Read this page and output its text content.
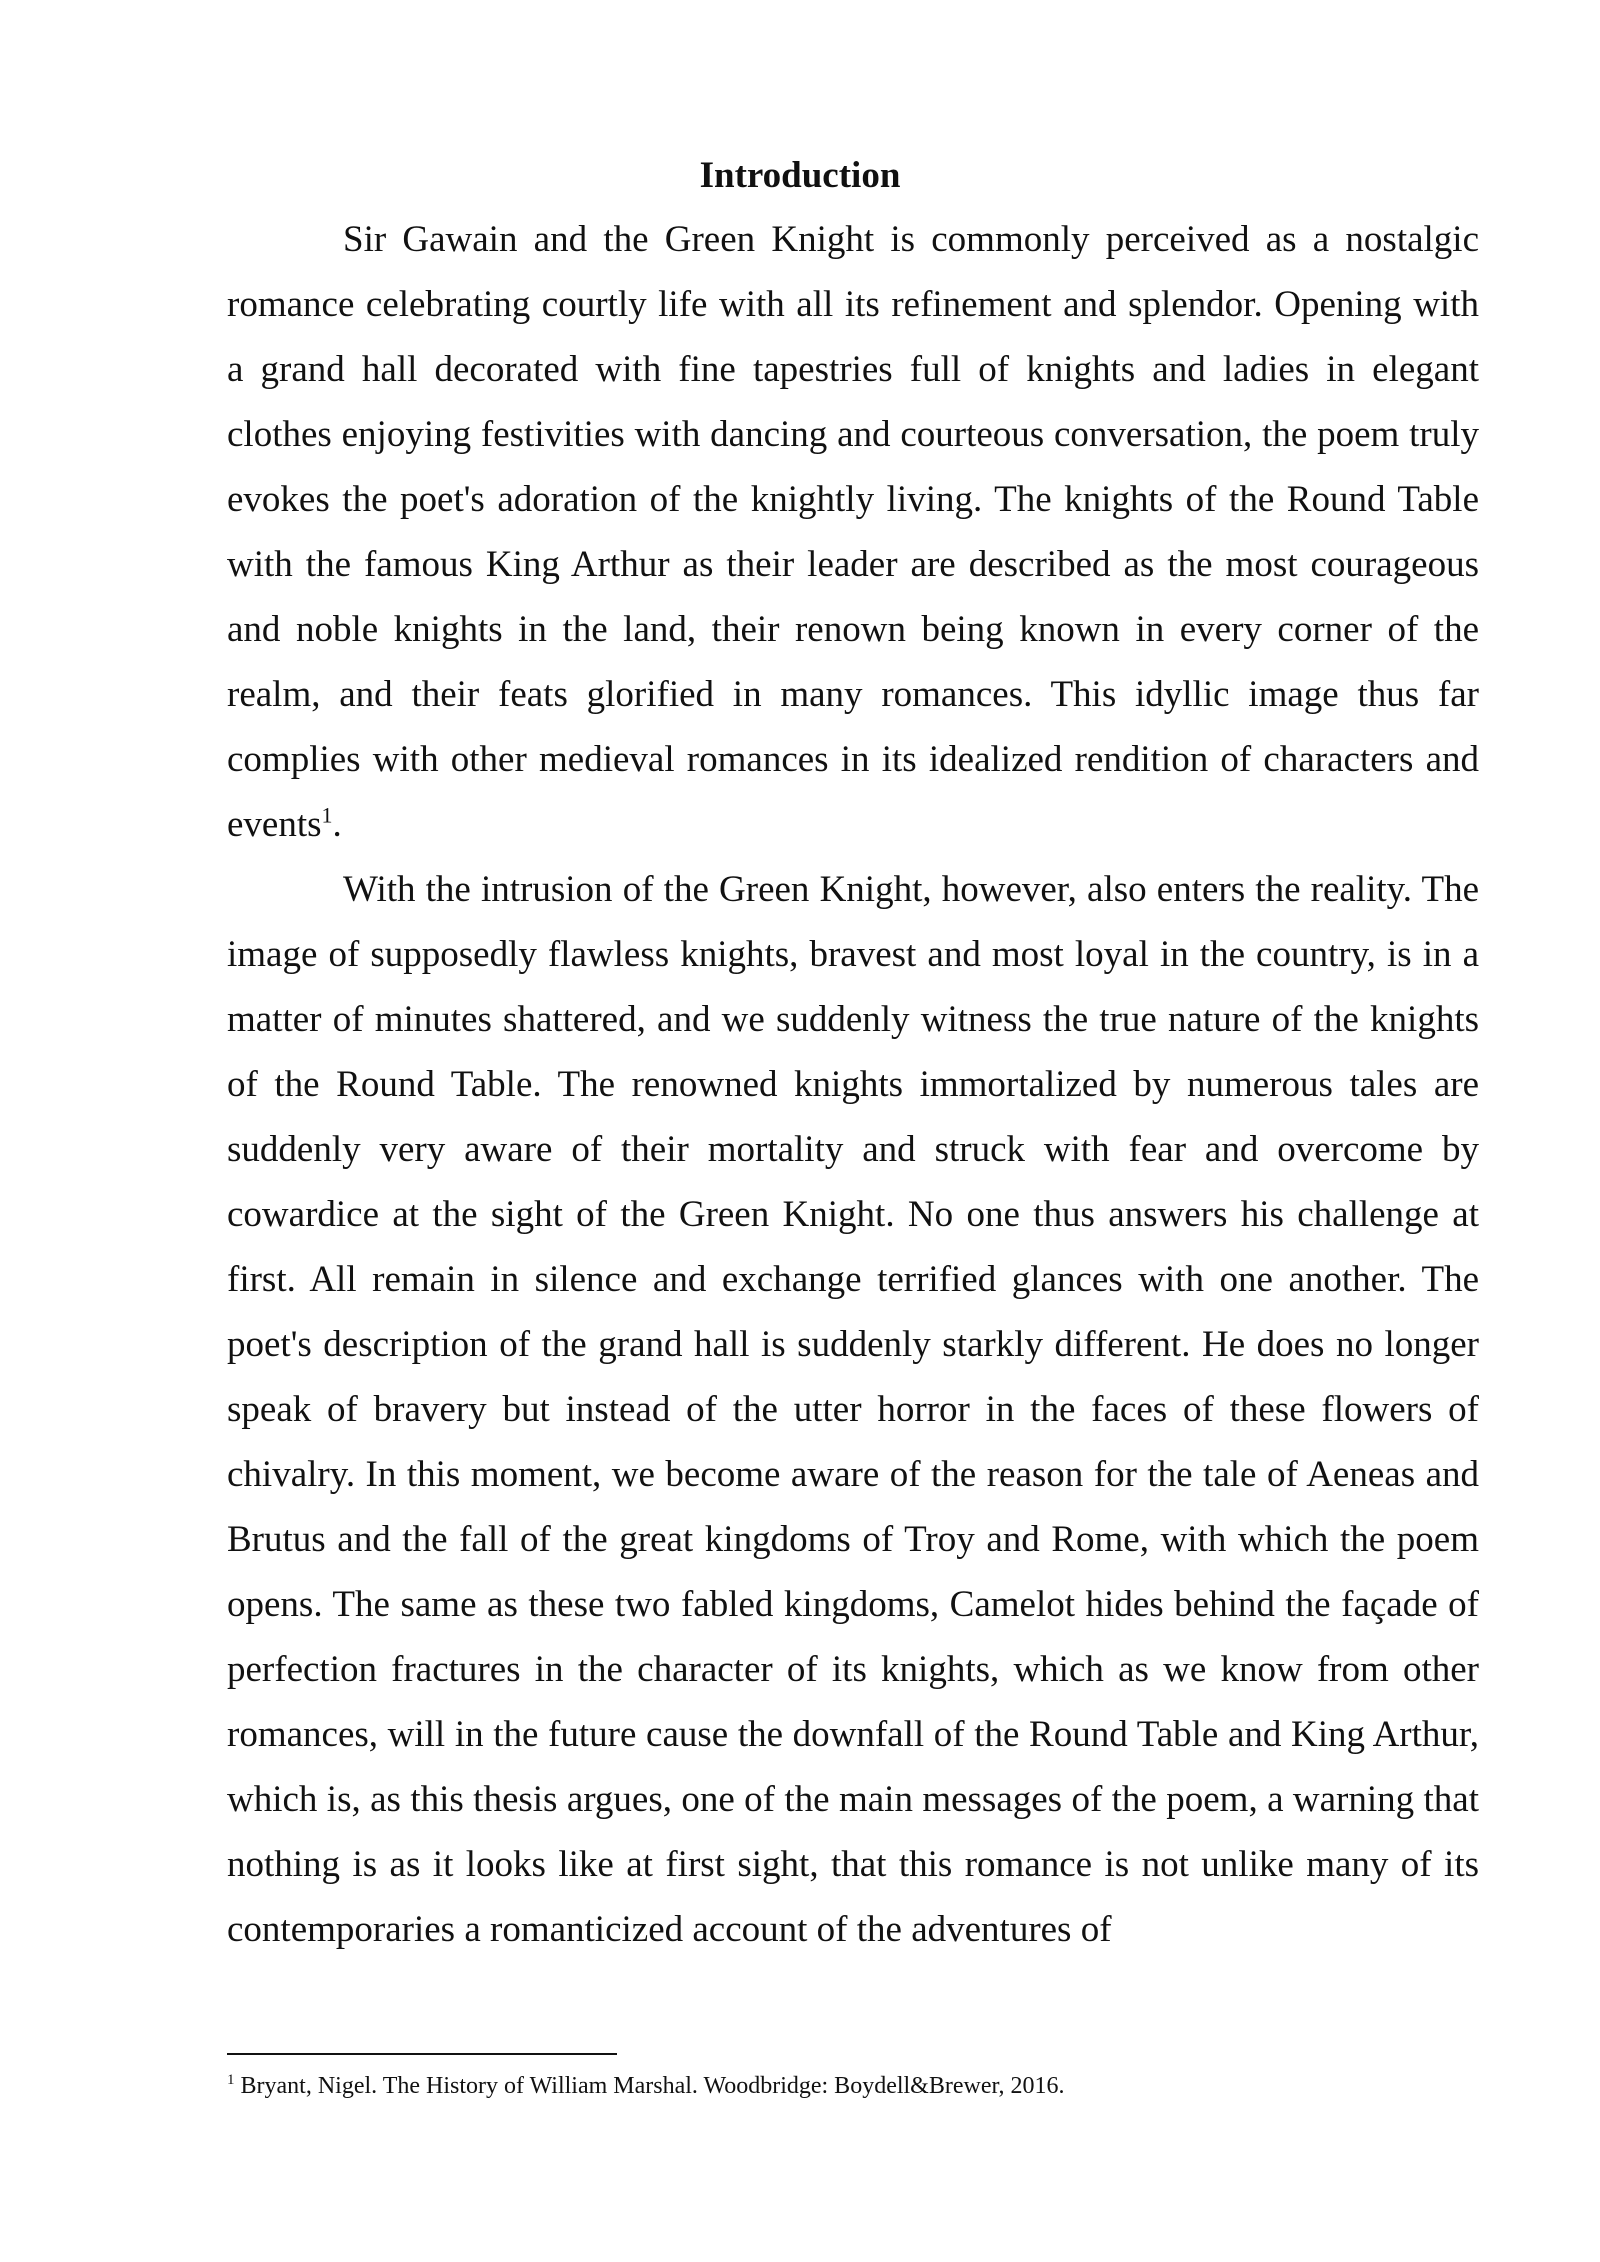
Introduction

Sir Gawain and the Green Knight is commonly perceived as a nostalgic romance celebrating courtly life with all its refinement and splendor. Opening with a grand hall decorated with fine tapestries full of knights and ladies in elegant clothes enjoying festivities with dancing and courteous conversation, the poem truly evokes the poet's adoration of the knightly living. The knights of the Round Table with the famous King Arthur as their leader are described as the most courageous and noble knights in the land, their renown being known in every corner of the realm, and their feats glorified in many romances. This idyllic image thus far complies with other medieval romances in its idealized rendition of characters and events$^1$.

With the intrusion of the Green Knight, however, also enters the reality. The image of supposedly flawless knights, bravest and most loyal in the country, is in a matter of minutes shattered, and we suddenly witness the true nature of the knights of the Round Table. The renowned knights immortalized by numerous tales are suddenly very aware of their mortality and struck with fear and overcome by cowardice at the sight of the Green Knight. No one thus answers his challenge at first. All remain in silence and exchange terrified glances with one another. The poet's description of the grand hall is suddenly starkly different. He does no longer speak of bravery but instead of the utter horror in the faces of these flowers of chivalry. In this moment, we become aware of the reason for the tale of Aeneas and Brutus and the fall of the great kingdoms of Troy and Rome, with which the poem opens. The same as these two fabled kingdoms, Camelot hides behind the façade of perfection fractures in the character of its knights, which as we know from other romances, will in the future cause the downfall of the Round Table and King Arthur, which is, as this thesis argues, one of the main messages of the poem, a warning that nothing is as it looks like at first sight, that this romance is not unlike many of its contemporaries a romanticized account of the adventures of

$^1$ Bryant, Nigel. The History of William Marshal. Woodbridge: Boydell&Brewer, 2016.
